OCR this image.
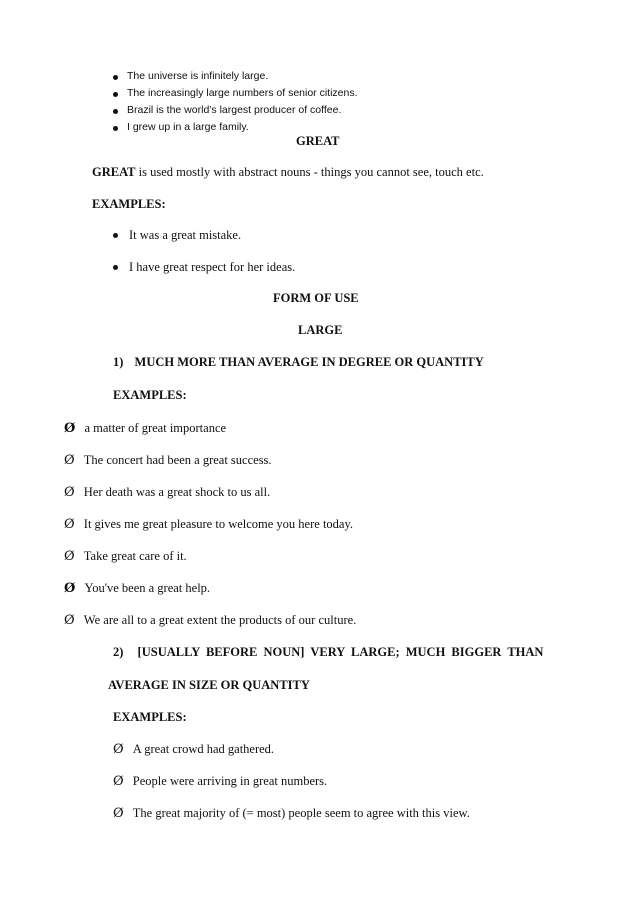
The universe is infinitely large.
The increasingly large numbers of senior citizens.
Brazil is the world’s largest producer of coffee.
I grew up in a large family.
GREAT
GREAT is used mostly with abstract nouns - things you cannot see, touch etc.
EXAMPLES:
It was a great mistake.
I have great respect for her ideas.
FORM OF USE
LARGE
1) MUCH MORE THAN AVERAGE IN DEGREE OR QUANTITY
EXAMPLES:
Ø a matter of great importance
Ø The concert had been a great success.
Ø Her death was a great shock to us all.
Ø It gives me great pleasure to welcome you here today.
Ø Take great care of it.
Ø You've been a great help.
Ø We are all to a great extent the products of our culture.
2) [USUALLY BEFORE NOUN] VERY LARGE; MUCH BIGGER THAN
AVERAGE IN SIZE OR QUANTITY
EXAMPLES:
Ø A great crowd had gathered.
Ø People were arriving in great numbers.
Ø The great majority of (= most) people seem to agree with this view.
